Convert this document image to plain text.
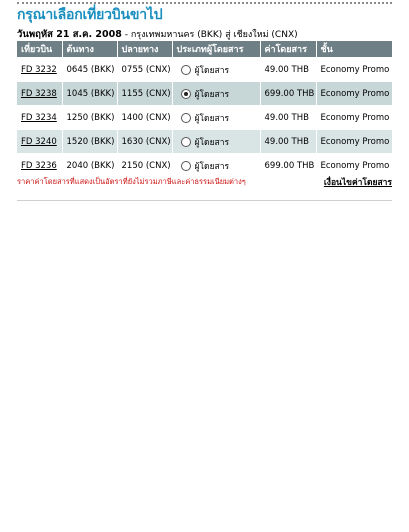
กรุณาเลือกเที่ยวบินขาไป
วันพฤหัส 21 ส.ค. 2008 - กรุงเทพมหานคร (BKK) สู่ เชียงใหม่ (CNX)
เที่ยวบิน	ต้นทาง	ปลายทาง	ประเภทผู้โดยสาร	ค่าโดยสาร	ชั้น
FD 3232	0645 (BKK)	0755 (CNX)	ผู้โดยสาร	49.00 THB	Economy Promo
FD 3238	1045 (BKK)	1155 (CNX)	ผู้โดยสาร	699.00 THB	Economy Promo
FD 3234	1250 (BKK)	1400 (CNX)	ผู้โดยสาร	49.00 THB	Economy Promo
FD 3240	1520 (BKK)	1630 (CNX)	ผู้โดยสาร	49.00 THB	Economy Promo
FD 3236	2040 (BKK)	2150 (CNX)	ผู้โดยสาร	699.00 THB	Economy Promo
ราคาค่าโดยสารที่แสดงเป็นอัตราที่ยังไม่รวมภาษีและค่าธรรมเนียมต่างๆ	เงื่อนไขค่าโดยสาร
